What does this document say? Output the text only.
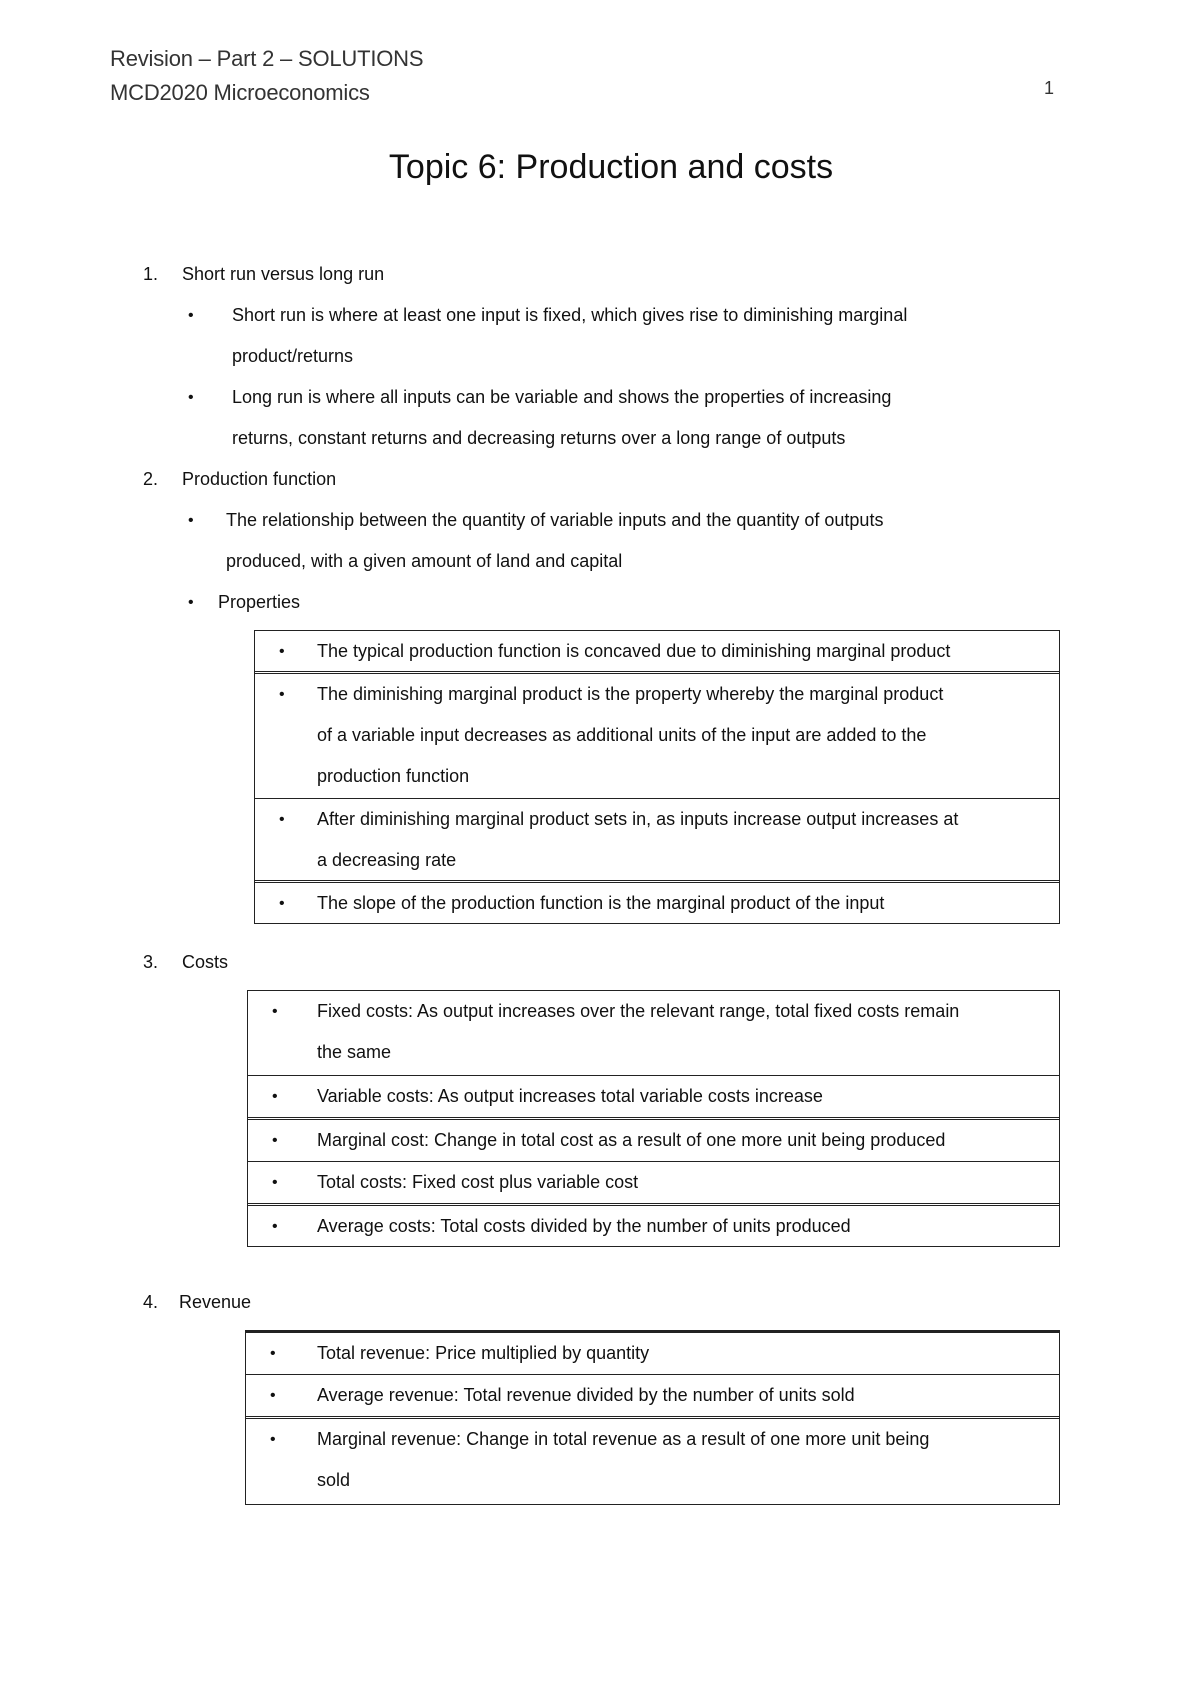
Revision – Part 2 – SOLUTIONS
MCD2020 Microeconomics	1
Topic 6: Production and costs
1. Short run versus long run
• Short run is where at least one input is fixed, which gives rise to diminishing marginal
product/returns
• Long run is where all inputs can be variable and shows the properties of increasing
returns, constant returns and decreasing returns over a long range of outputs
2. Production function
• The relationship between the quantity of variable inputs and the quantity of outputs
produced, with a given amount of land and capital
• Properties
• The typical production function is concaved due to diminishing marginal product
• The diminishing marginal product is the property whereby the marginal product
of a variable input decreases as additional units of the input are added to the
production function
• After diminishing marginal product sets in, as inputs increase output increases at
a decreasing rate
• The slope of the production function is the marginal product of the input
3. Costs
• Fixed costs: As output increases over the relevant range, total fixed costs remain
the same
• Variable costs: As output increases total variable costs increase
• Marginal cost: Change in total cost as a result of one more unit being produced
• Total costs: Fixed cost plus variable cost
• Average costs: Total costs divided by the number of units produced
4. Revenue
• Total revenue: Price multiplied by quantity
• Average revenue: Total revenue divided by the number of units sold
• Marginal revenue: Change in total revenue as a result of one more unit being
sold
